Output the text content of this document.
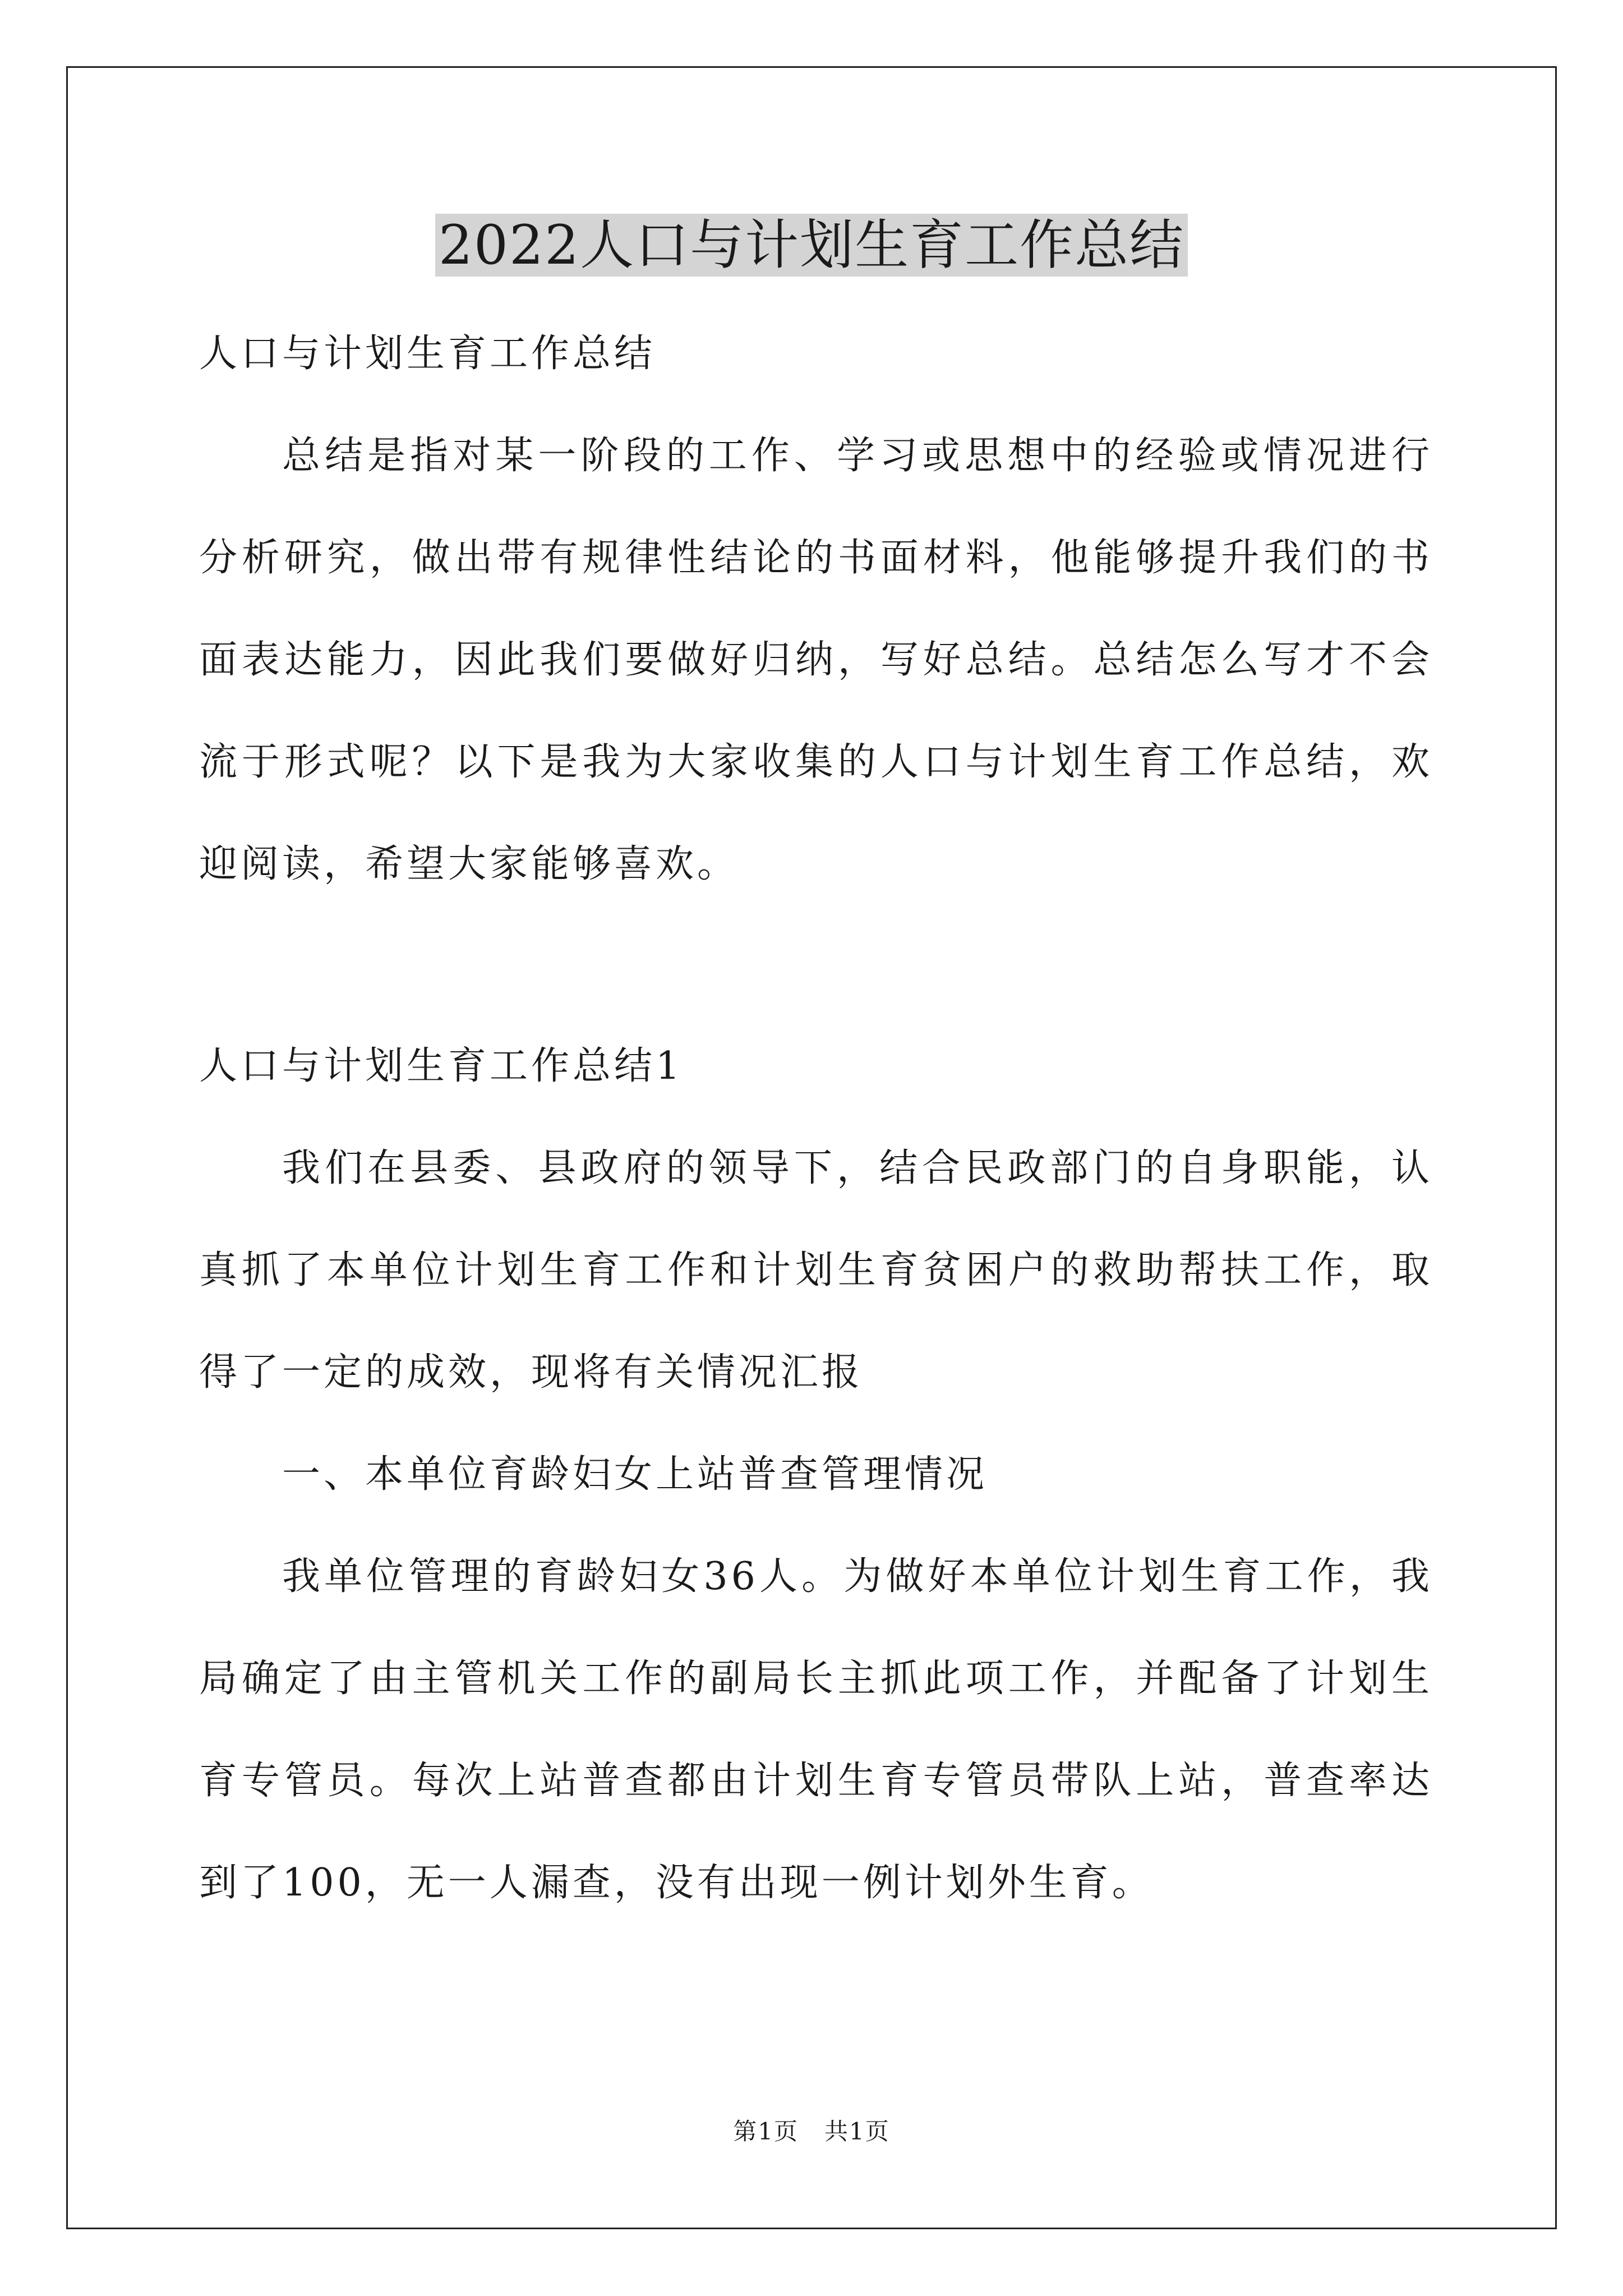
2022人口与计划生育工作总结

人口与计划生育工作总结

总结是指对某一阶段的工作、学习或思想中的经验或情况进行分析研究，做出带有规律性结论的书面材料，他能够提升我们的书面表达能力，因此我们要做好归纳，写好总结。总结怎么写才不会流于形式呢？以下是我为大家收集的人口与计划生育工作总结，欢迎阅读，希望大家能够喜欢。

人口与计划生育工作总结1

我们在县委、县政府的领导下，结合民政部门的自身职能，认真抓了本单位计划生育工作和计划生育贫困户的救助帮扶工作，取得了一定的成效，现将有关情况汇报

一、本单位育龄妇女上站普查管理情况

我单位管理的育龄妇女36人。为做好本单位计划生育工作，我局确定了由主管机关工作的副局长主抓此项工作，并配备了计划生育专管员。每次上站普查都由计划生育专管员带队上站，普查率达到了100，无一人漏查，没有出现一例计划外生育。

第1页 共1页
